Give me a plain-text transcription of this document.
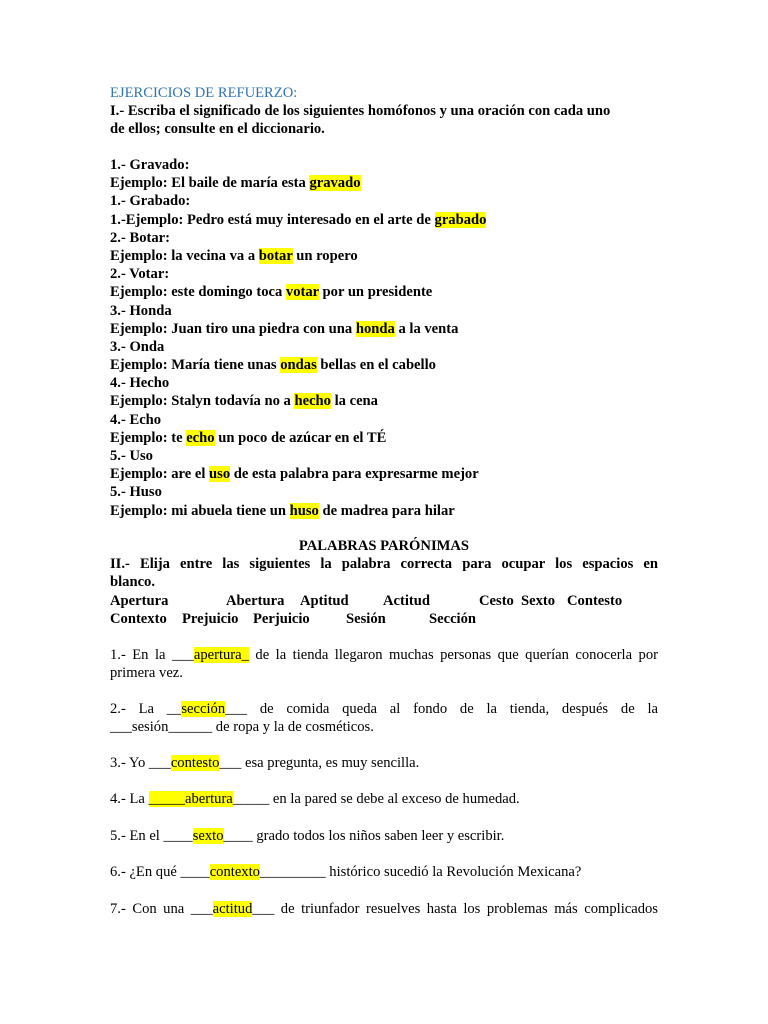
EJERCICIOS DE REFUERZO:
I.- Escriba el significado de los siguientes homófonos y una oración con cada uno
de ellos; consulte en el diccionario.
1.- Gravado:
Ejemplo: El baile de maría esta gravado
1.- Grabado:
1.-Ejemplo: Pedro está muy interesado en el arte de grabado
2.- Botar:
Ejemplo: la vecina va a botar un ropero
2.- Votar:
Ejemplo: este domingo toca votar por un presidente
3.- Honda
Ejemplo: Juan tiro una piedra con una honda a la venta
3.- Onda
Ejemplo: María tiene unas ondas bellas en el cabello
4.- Hecho
Ejemplo: Stalyn todavía no a hecho la cena
4.- Echo
Ejemplo: te echo un poco de azúcar en el TÉ
5.- Uso
Ejemplo: are el uso de esta palabra para expresarme mejor
5.- Huso
Ejemplo: mi abuela tiene un huso de madrea para hilar
PALABRAS PARÓNIMAS
II.- Elija entre las siguientes la palabra correcta para ocupar los espacios en
blanco.
Apertura	Abertura Aptitud Actitud	Cesto Sexto Contesto
Contexto Prejuicio Perjuicio Sesión	Sección
1.- En la ___apertura_ de la tienda llegaron muchas personas que querían conocerla por
primera vez.
2.- La __sección___ de comida queda al fondo de la tienda, después de la
___sesión______ de ropa y la de cosméticos.
3.- Yo ___contesto___ esa pregunta, es muy sencilla.
4.- La _____abertura_____ en la pared se debe al exceso de humedad.
5.- En el ____sexto____ grado todos los niños saben leer y escribir.
6.- ¿En qué ____contexto_________ histórico sucedió la Revolución Mexicana?
7.- Con una ___actitud___ de triunfador resuelves hasta los problemas más complicados
